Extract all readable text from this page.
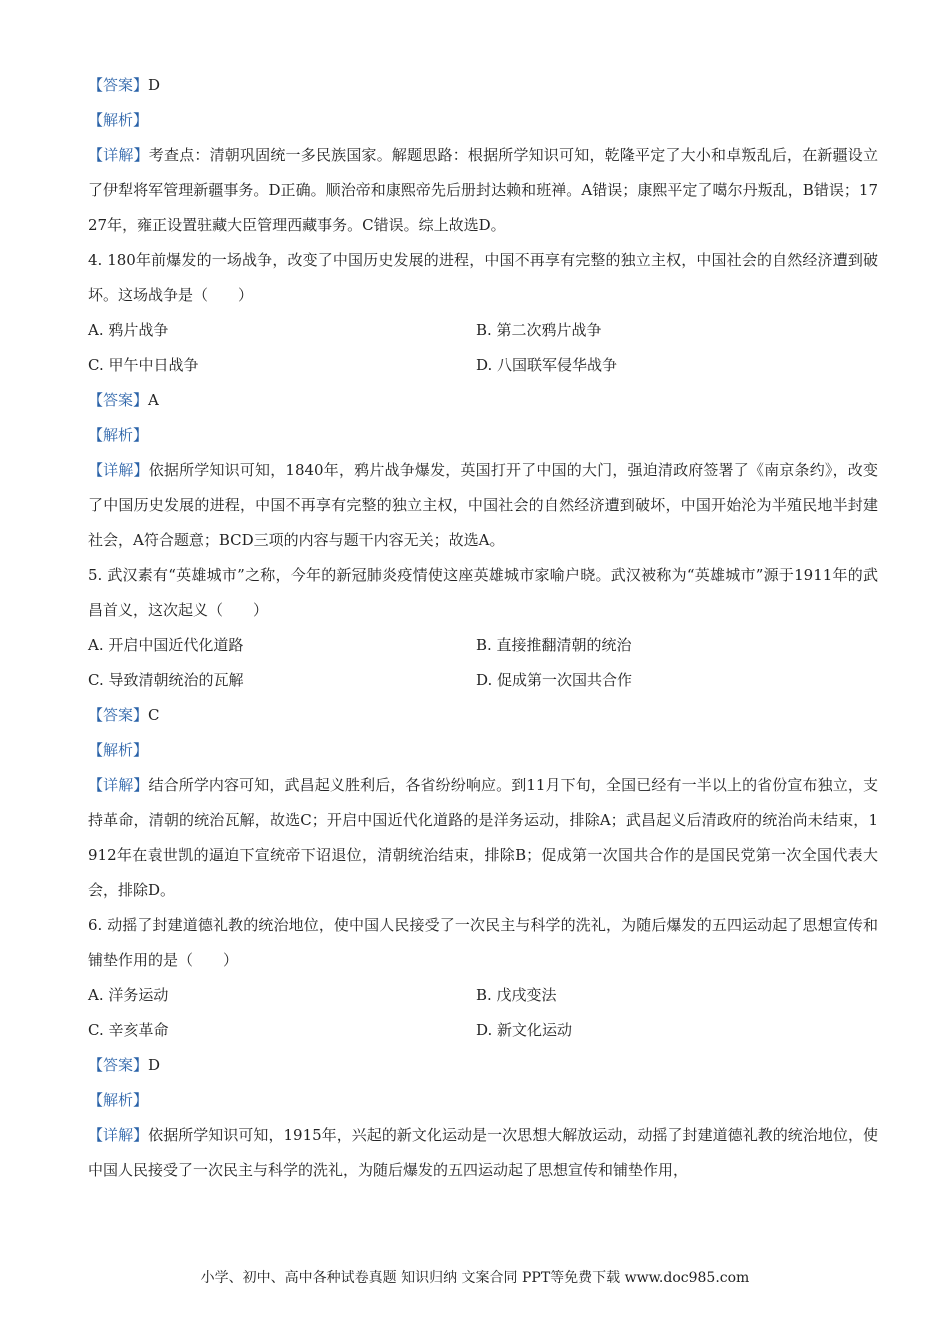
【答案】D
【解析】
【详解】考查点：清朝巩固统一多民族国家。解题思路：根据所学知识可知，乾隆平定了大小和卓叛乱后，在新疆设立了伊犁将军管理新疆事务。D正确。顺治帝和康熙帝先后册封达赖和班禅。A错误；康熙平定了噶尔丹叛乱，B错误；1727年，雍正设置驻藏大臣管理西藏事务。C错误。综上故选D。
4. 180年前爆发的一场战争，改变了中国历史发展的进程，中国不再享有完整的独立主权，中国社会的自然经济遭到破坏。这场战争是（　　）
A. 鸦片战争	B. 第二次鸦片战争
C. 甲午中日战争	D. 八国联军侵华战争
【答案】A
【解析】
【详解】依据所学知识可知，1840年，鸦片战争爆发，英国打开了中国的大门，强迫清政府签署了《南京条约》，改变了中国历史发展的进程，中国不再享有完整的独立主权，中国社会的自然经济遭到破坏，中国开始沦为半殖民地半封建社会，A符合题意；BCD三项的内容与题干内容无关；故选A。
5. 武汉素有“英雄城市”之称，今年的新冠肺炎疫情使这座英雄城市家喻户晓。武汉被称为“英雄城市”源于1911年的武昌首义，这次起义（　　）
A. 开启中国近代化道路	B. 直接推翻清朝的统治
C. 导致清朝统治的瓦解	D. 促成第一次国共合作
【答案】C
【解析】
【详解】结合所学内容可知，武昌起义胜利后，各省纷纷响应。到11月下旬，全国已经有一半以上的省份宣布独立，支持革命，清朝的统治瓦解，故选C；开启中国近代化道路的是洋务运动，排除A；武昌起义后清政府的统治尚未结束，1912年在袁世凯的逼迫下宣统帝下诏退位，清朝统治结束，排除B；促成第一次国共合作的是国民党第一次全国代表大会，排除D。
6. 动摇了封建道德礼教的统治地位，使中国人民接受了一次民主与科学的洗礼，为随后爆发的五四运动起了思想宣传和铺垫作用的是（　　）
A. 洋务运动	B. 戊戌变法
C. 辛亥革命	D. 新文化运动
【答案】D
【解析】
【详解】依据所学知识可知，1915年，兴起的新文化运动是一次思想大解放运动，动摇了封建道德礼教的统治地位，使中国人民接受了一次民主与科学的洗礼，为随后爆发的五四运动起了思想宣传和铺垫作用，
小学、初中、高中各种试卷真题 知识归纳 文案合同 PPT等免费下载 www.doc985.com
